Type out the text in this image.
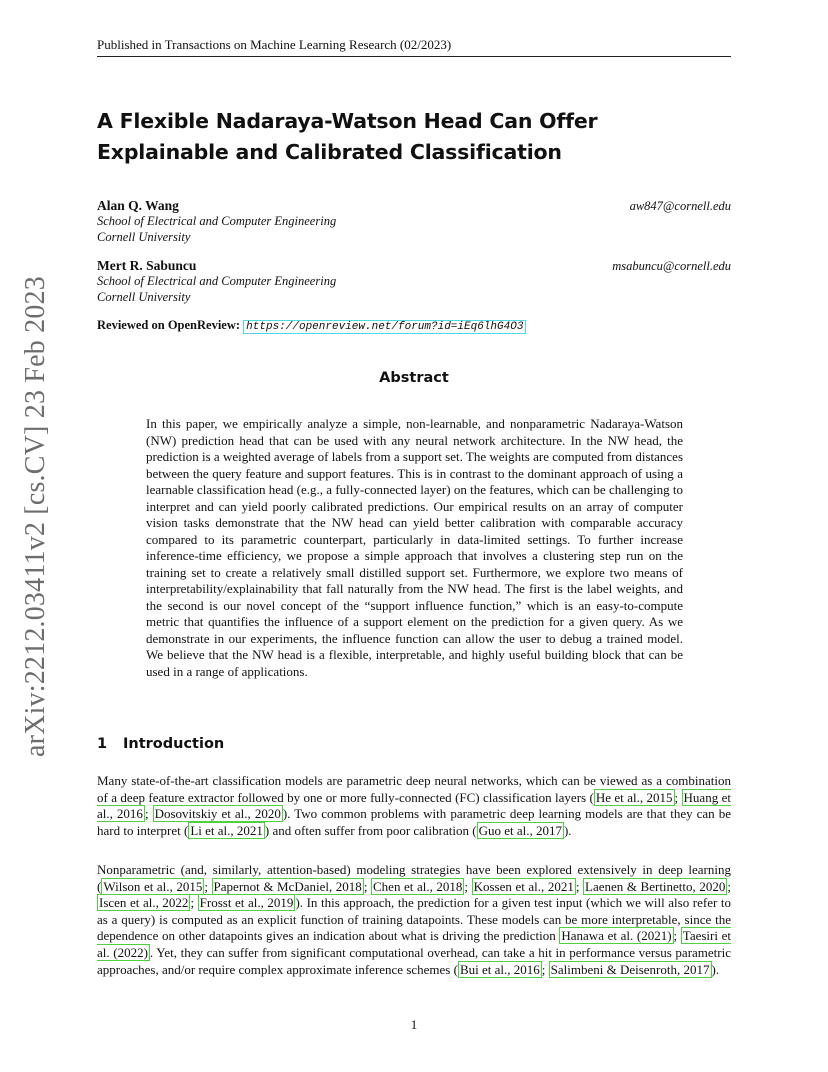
arXiv:2212.03411v2 [cs.CV] 23 Feb 2023
Published in Transactions on Machine Learning Research (02/2023)
A Flexible Nadaraya-Watson Head Can Offer Explainable and Calibrated Classification
Alan Q. Wang	aw847@cornell.edu
School of Electrical and Computer Engineering
Cornell University
Mert R. Sabuncu	msabuncu@cornell.edu
School of Electrical and Computer Engineering
Cornell University
Reviewed on OpenReview: https://openreview.net/forum?id=iEq6lhG4O3
Abstract

In this paper, we empirically analyze a simple, non-learnable, and nonparametric Nadaraya-Watson (NW) prediction head that can be used with any neural network architecture. In the NW head, the prediction is a weighted average of labels from a support set. The weights are computed from distances between the query feature and support features. This is in contrast to the dominant approach of using a learnable classification head (e.g., a fully-connected layer) on the features, which can be challenging to interpret and can yield poorly calibrated predictions. Our empirical results on an array of computer vision tasks demonstrate that the NW head can yield better calibration with comparable accuracy compared to its parametric counterpart, particularly in data-limited settings. To further increase inference-time efficiency, we propose a simple approach that involves a clustering step run on the training set to create a relatively small distilled support set. Furthermore, we explore two means of interpretability/explainability that fall naturally from the NW head. The first is the label weights, and the second is our novel concept of the “support influence function,” which is an easy-to-compute metric that quantifies the influence of a support element on the prediction for a given query. As we demonstrate in our experiments, the influence function can allow the user to debug a trained model. We believe that the NW head is a flexible, interpretable, and highly useful building block that can be used in a range of applications.

1 Introduction

Many state-of-the-art classification models are parametric deep neural networks, which can be viewed as a combination of a deep feature extractor followed by one or more fully-connected (FC) classification layers ( He et al., 2015 ; Huang et al., 2016 ; Dosovitskiy et al., 2020 ). Two common problems with parametric deep learning models are that they can be hard to interpret ( Li et al., 2021 ) and often suffer from poor calibration ( Guo et al., 2017 ).

Nonparametric (and, similarly, attention-based) modeling strategies have been explored extensively in deep learning ( Wilson et al., 2015 ; Papernot & McDaniel, 2018 ; Chen et al., 2018 ; Kossen et al., 2021 ; Laenen & Bertinetto, 2020 ; Iscen et al., 2022 ; Frosst et al., 2019 ). In this approach, the prediction for a given test input (which we will also refer to as a query) is computed as an explicit function of training datapoints. These models can be more interpretable, since the dependence on other datapoints gives an indication about what is driving the prediction Hanawa et al. (2021) ; Taesiri et al. (2022) . Yet, they can suffer from significant computational overhead, can take a hit in performance versus parametric approaches, and/or require complex approximate inference schemes ( Bui et al., 2016 ; Salimbeni & Deisenroth, 2017 ).

1
